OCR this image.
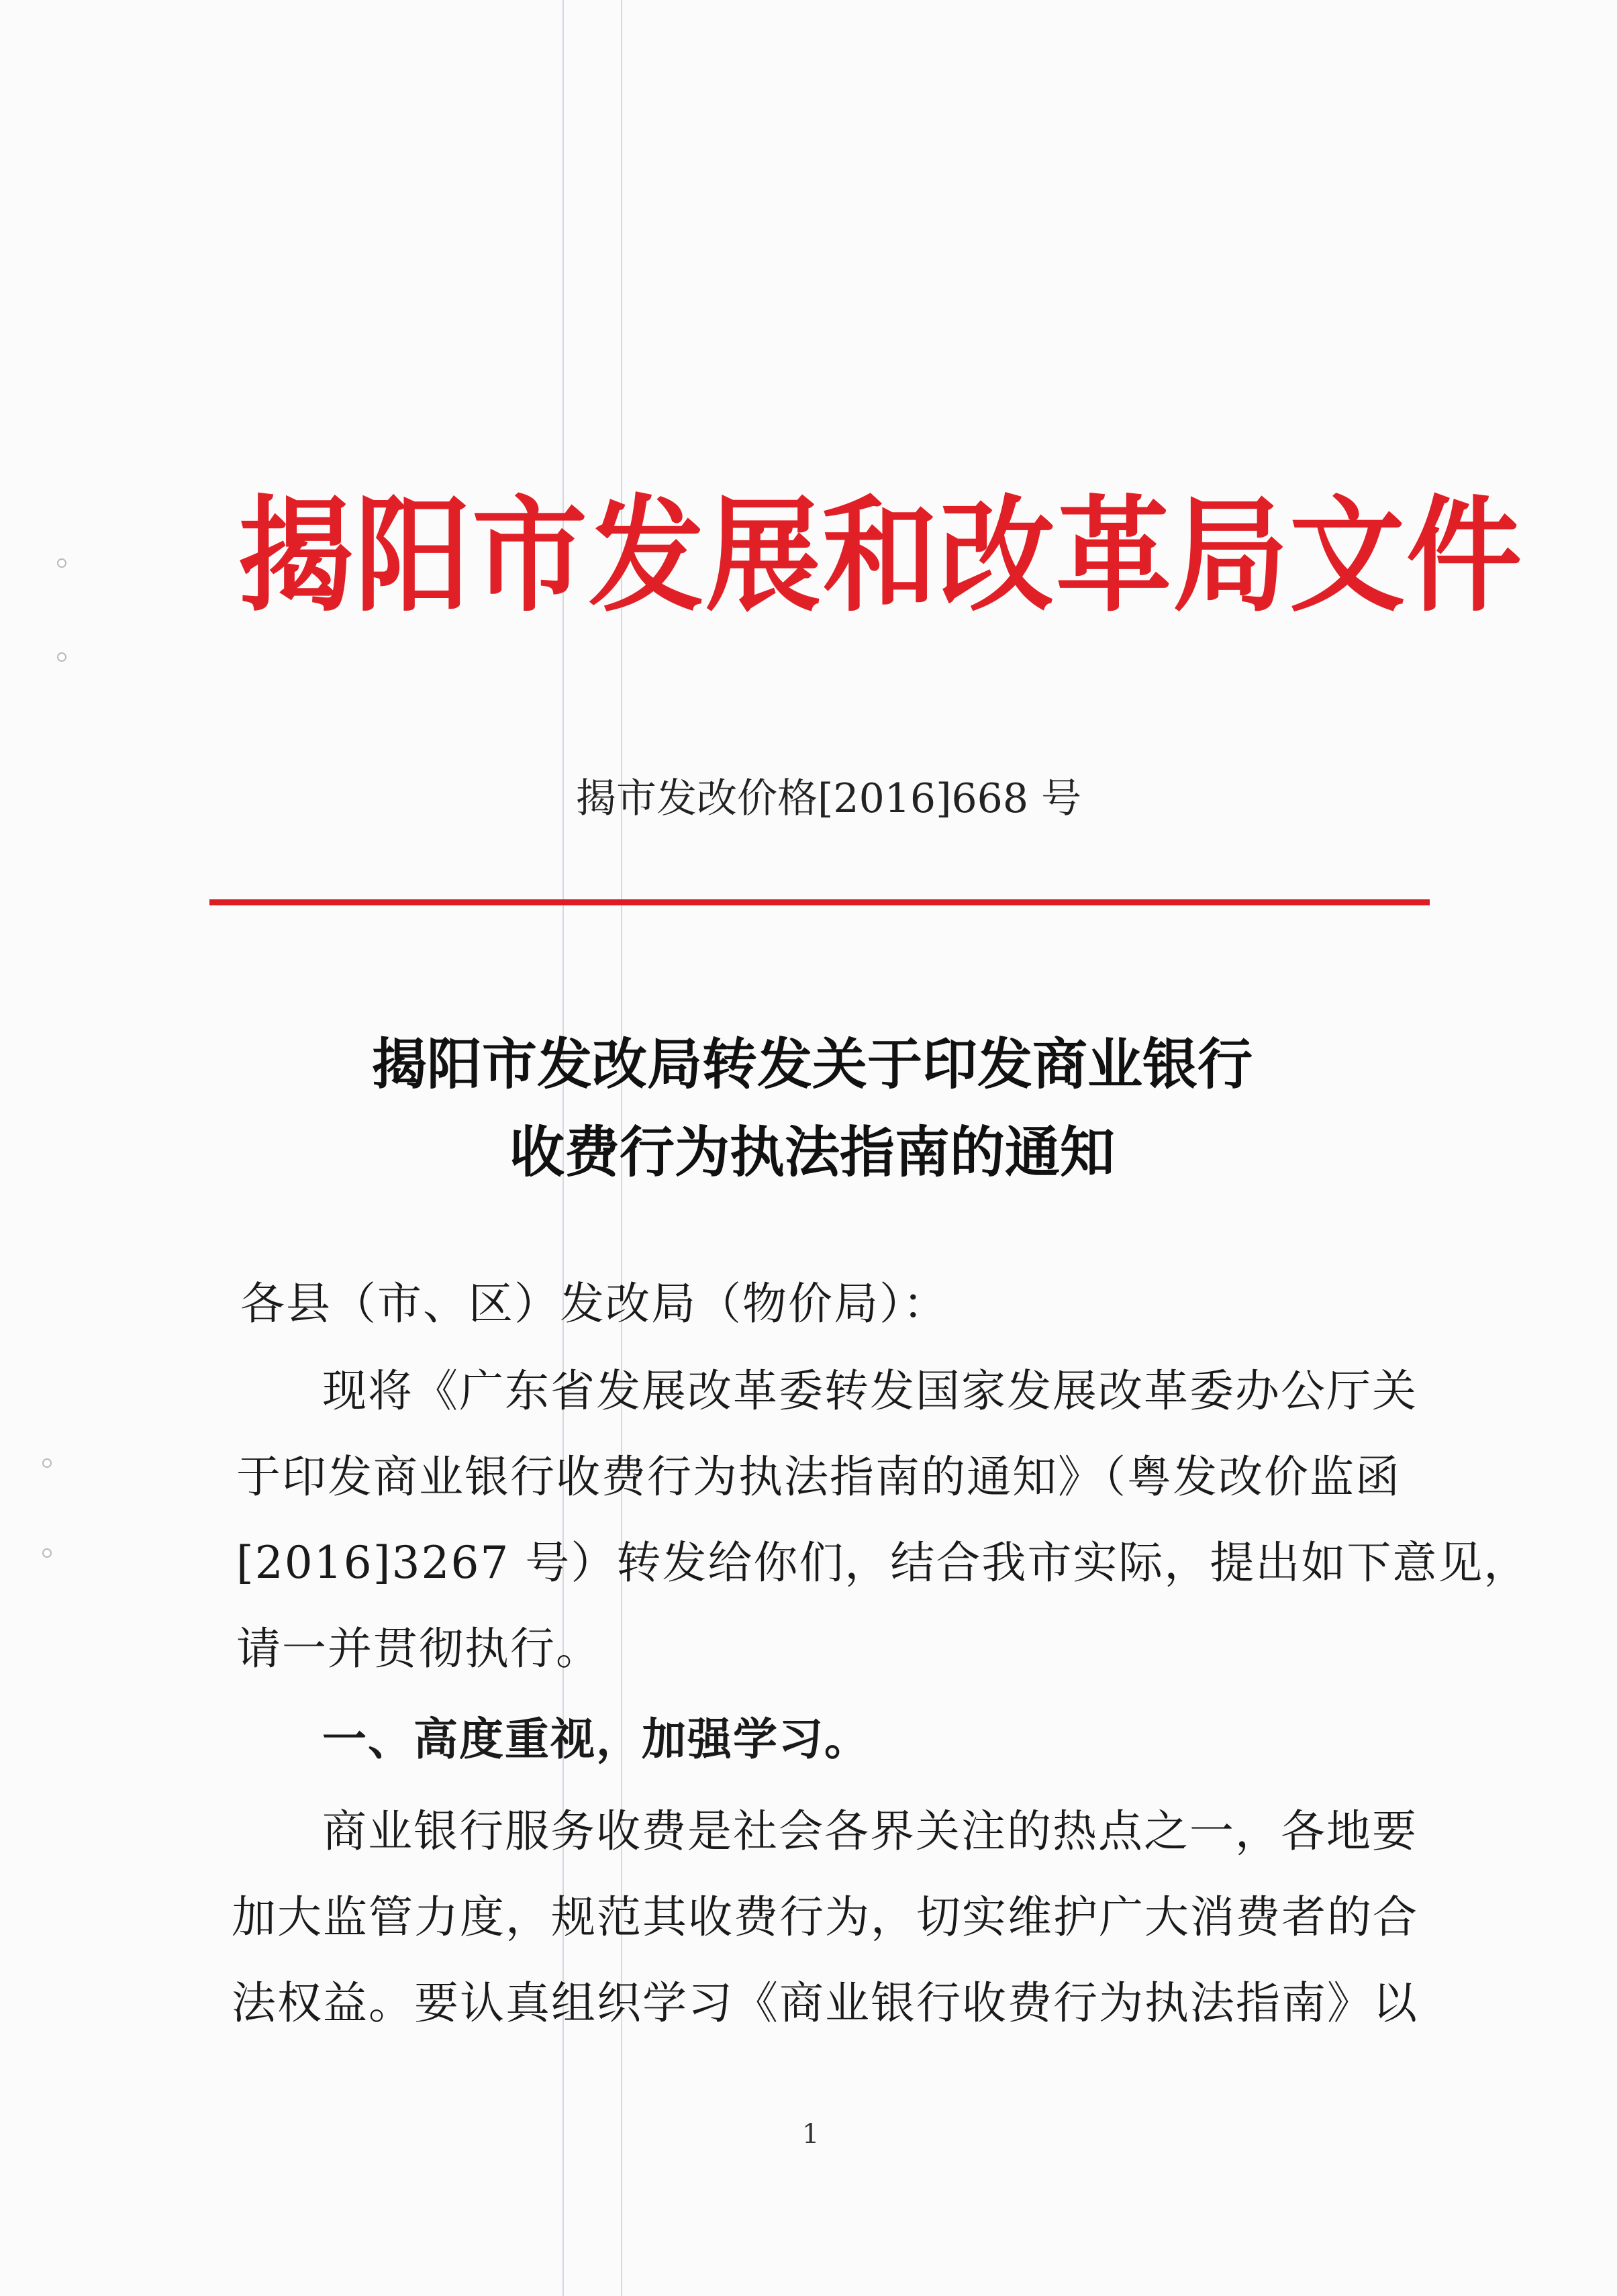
揭阳市发展和改革局文件
揭市发改价格[2016]668 号
揭阳市发改局转发关于印发商业银行
收费行为执法指南的通知
各县（市、区）发改局（物价局）：
现将《广东省发展改革委转发国家发展改革委办公厅关
于印发商业银行收费行为执法指南的通知》（粤发改价监函
[2016]3267 号）转发给你们，结合我市实际，提出如下意见，
请一并贯彻执行。
一、高度重视，加强学习。
商业银行服务收费是社会各界关注的热点之一，各地要
加大监管力度，规范其收费行为，切实维护广大消费者的合
法权益。要认真组织学习《商业银行收费行为执法指南》以
1
